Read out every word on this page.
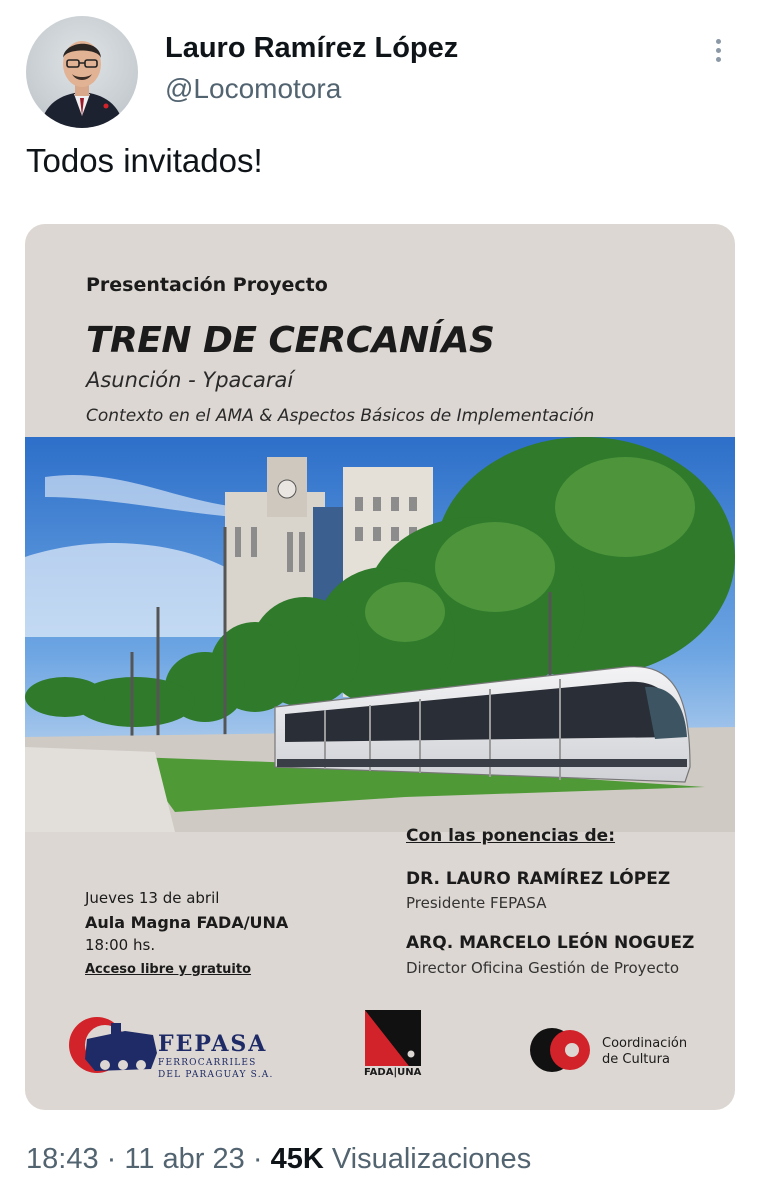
Lauro Ramírez López
@Locomotora
Todos invitados!
Presentación Proyecto
TREN DE CERCANÍAS
Asunción - Ypacaraí
Contexto en el AMA & Aspectos Básicos de Implementación
Con las ponencias de:
DR. LAURO RAMÍREZ LÓPEZ
Presidente FEPASA
ARQ. MARCELO LEÓN NOGUEZ
Director Oficina Gestión de Proyecto
Jueves 13 de abril
Aula Magna FADA/UNA
18:00 hs.
Acceso libre y gratuito
FEPASA
FERROCARRILES
DEL PARAGUAY S.A.	FADA|UNA
Coordinación
de Cultura
18:43 · 11 abr 23 · 45K Visualizaciones
